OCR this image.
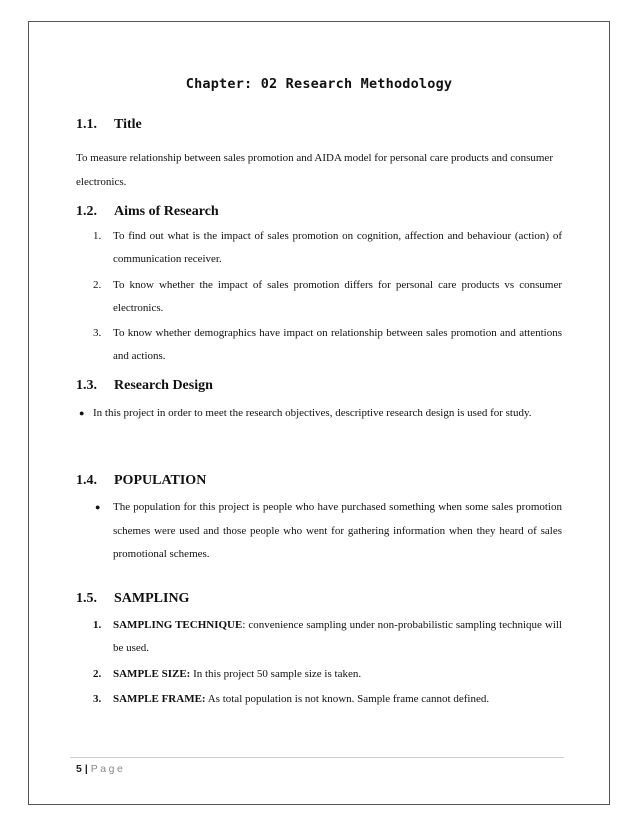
Chapter: 02 Research Methodology
1.1. Title
To measure relationship between sales promotion and AIDA model for personal care products and consumer electronics.
1.2. Aims of Research
1. To find out what is the impact of sales promotion on cognition, affection and behaviour (action) of communication receiver.
2. To know whether the impact of sales promotion differs for personal care products vs consumer electronics.
3. To know whether demographics have impact on relationship between sales promotion and attentions and actions.
1.3. Research Design
● In this project in order to meet the research objectives, descriptive research design is used for study.
1.4. POPULATION
●	The population for this project is people who have purchased something when some sales promotion schemes were used and those people who went for gathering information when they heard of sales promotional schemes.
1.5. SAMPLING
1. SAMPLING TECHNIQUE: convenience sampling under non-probabilistic sampling technique will be used.
2. SAMPLE SIZE: In this project 50 sample size is taken.
3. SAMPLE FRAME: As total population is not known. Sample frame cannot defined.
5 | Page
